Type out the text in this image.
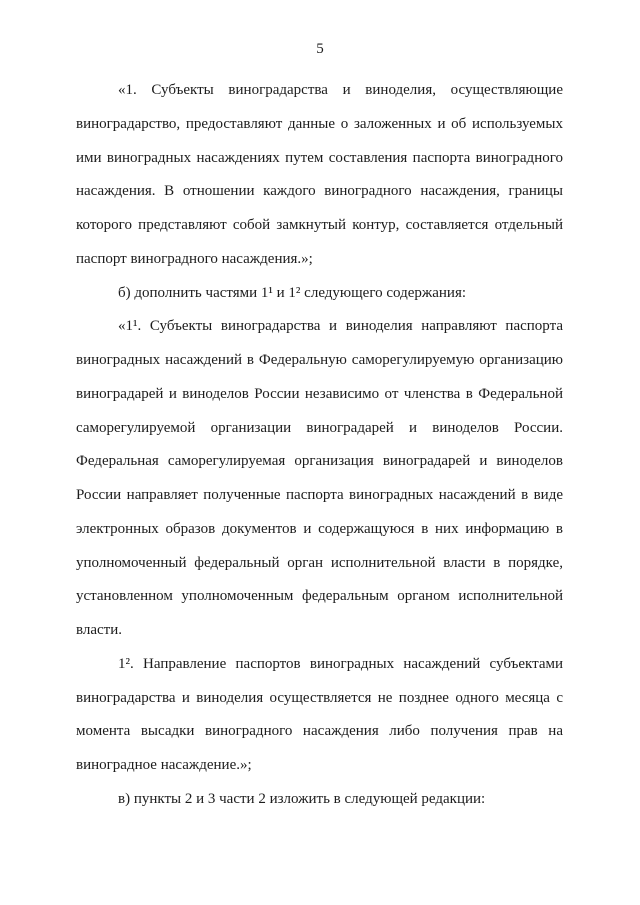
5
«1. Субъекты виноградарства и виноделия, осуществляющие
виноградарство, предоставляют данные о заложенных и об используемых
ими виноградных насаждениях путем составления паспорта виноградного
насаждения. В отношении каждого виноградного насаждения, границы
которого представляют собой замкнутый контур, составляется отдельный
паспорт виноградного насаждения.»;
б) дополнить частями 1¹ и 1² следующего содержания:
«1¹. Субъекты виноградарства и виноделия направляют паспорта
виноградных насаждений в Федеральную саморегулируемую организацию
виноградарей и виноделов России независимо от членства в Федеральной
саморегулируемой организации виноградарей и виноделов России.
Федеральная саморегулируемая организация виноградарей и виноделов
России направляет полученные паспорта виноградных насаждений в виде
электронных образов документов и содержащуюся в них информацию в
уполномоченный федеральный орган исполнительной власти в порядке,
установленном уполномоченным федеральным органом исполнительной
власти.
1². Направление паспортов виноградных насаждений субъектами
виноградарства и виноделия осуществляется не позднее одного месяца с
момента высадки виноградного насаждения либо получения прав на
виноградное насаждение.»;
в) пункты 2 и 3 части 2 изложить в следующей редакции:
